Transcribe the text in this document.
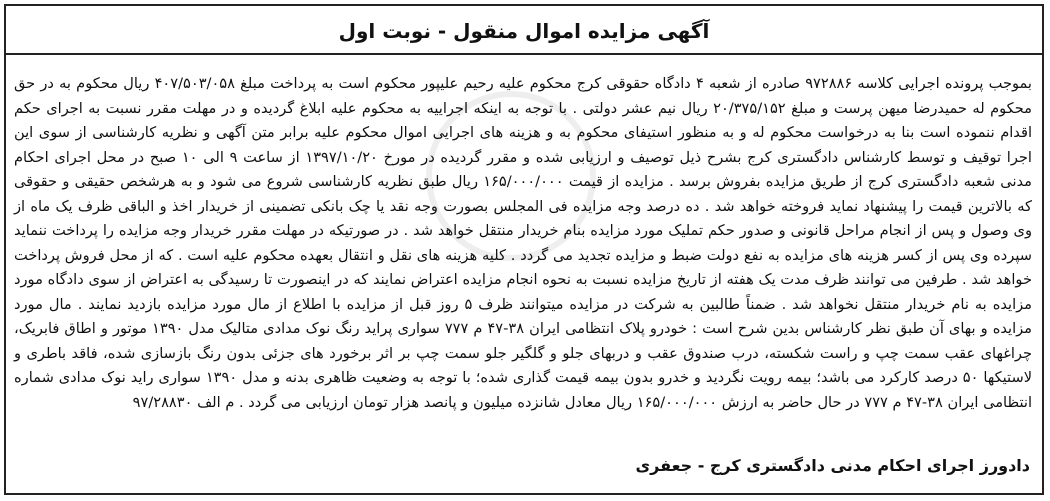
آگهی مزایده اموال منقول - نوبت اول

بموجب پرونده اجرایی کلاسه ۹۷۲۸۸۶ صادره از شعبه ۴ دادگاه حقوقی کرج محکوم علیه رحیم علیپور محکوم است به پرداخت مبلغ ۴۰۷/۵۰۳/۰۵۸ ریال محکوم به در حق محکوم له حمیدرضا میهن پرست و مبلغ ۲۰/۳۷۵/۱۵۲ ریال نیم عشر دولتی . با توجه به اینکه اجراییه به محکوم علیه ابلاغ گردیده و در مهلت مقرر نسبت به اجرای حکم اقدام ننموده است بنا به درخواست محکوم له و به منظور استیفای محکوم به و هزینه های اجرایی اموال محکوم علیه برابر متن آگهی و نظریه کارشناسی از سوی این اجرا توقیف و توسط کارشناس دادگستری کرج بشرح ذیل توصیف و ارزیابی شده و مقرر گردیده در مورخ ۱۳۹۷/۱۰/۲۰ از ساعت ۹ الی ۱۰ صبح در محل اجرای احکام مدنی شعبه دادگستری کرج از طریق مزایده بفروش برسد . مزایده از قیمت ۱۶۵/۰۰۰/۰۰۰ ریال طبق نظریه کارشناسی شروع می شود و به هرشخص حقیقی و حقوقی که بالاترین قیمت را پیشنهاد نماید فروخته خواهد شد . ده درصد وجه مزایده فی المجلس بصورت وجه نقد یا چک بانکی تضمینی از خریدار اخذ و الباقی ظرف یک ماه از وی وصول و پس از انجام مراحل قانونی و صدور حکم تملیک مورد مزایده بنام خریدار منتقل خواهد شد . در صورتیکه در مهلت مقرر خریدار وجه مزایده را پرداخت ننماید سپرده وی پس از کسر هزینه های مزایده به نفع دولت ضبط و مزایده تجدید می گردد . کلیه هزینه های نقل و انتقال بعهده محکوم علیه است . که از محل فروش پرداخت خواهد شد . طرفین می توانند ظرف مدت یک هفته از تاریخ مزایده نسبت به نحوه انجام مزایده اعتراض نمایند که در اینصورت تا رسیدگی به اعتراض از سوی دادگاه مورد مزایده به نام خریدار منتقل نخواهد شد . ضمناً طالبین به شرکت در مزایده میتوانند ظرف ۵ روز قبل از مزایده با اطلاع از مال مورد مزایده بازدید نمایند . مال مورد مزایده و بهای آن طبق نظر کارشناس بدین شرح است : خودرو پلاک انتظامی ایران ۳۸-۴۷ م ۷۷۷ سواری پراید رنگ نوک مدادی متالیک مدل ۱۳۹۰ موتور و اطاق فابریک، چراغهای عقب سمت چپ و راست شکسته، درب صندوق عقب و دربهای جلو و گلگیر جلو سمت چپ بر اثر برخورد های جزئی بدون رنگ بازسازی شده، فاقد باطری و لاستیکها ۵۰ درصد کارکرد می باشد؛ بیمه رویت نگردید و خدرو بدون بیمه قیمت گذاری شده؛ با توجه به وضعیت ظاهری بدنه و مدل ۱۳۹۰ سواری راید نوک مدادی شماره انتظامی ایران ۳۸-۴۷ م ۷۷۷ در حال حاضر به ارزش ۱۶۵/۰۰۰/۰۰۰ ریال معادل شانزده میلیون و پانصد هزار تومان ارزیابی می گردد . م الف ۹۷/۲۸۸۳۰

دادورز اجرای احکام مدنی دادگستری کرج - جعفری
